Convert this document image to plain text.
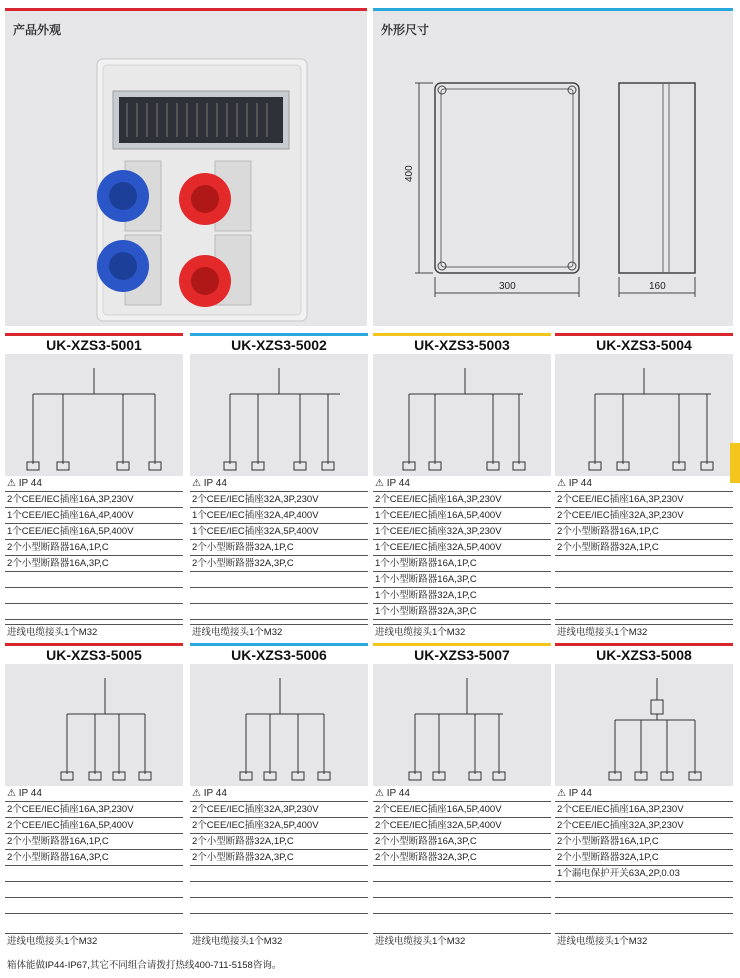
产品外观	外形尺寸
400
300	160
UK-XZS3-5001
⚠ IP 44
2个CEE/IEC插座16A,3P,230V
1个CEE/IEC插座16A,4P,400V
1个CEE/IEC插座16A,5P,400V
2个小型断路器16A,1P,C
2个小型断路器16A,3P,C
进线电缆接头1个M32
UK-XZS3-5002
⚠ IP 44
2个CEE/IEC插座32A,3P,230V
1个CEE/IEC插座32A,4P,400V
1个CEE/IEC插座32A,5P,400V
2个小型断路器32A,1P,C
2个小型断路器32A,3P,C
进线电缆接头1个M32
UK-XZS3-5003
⚠ IP 44
2个CEE/IEC插座16A,3P,230V
1个CEE/IEC插座16A,5P,400V
1个CEE/IEC插座32A,3P,230V
1个CEE/IEC插座32A,5P,400V
1个小型断路器16A,1P,C
1个小型断路器16A,3P,C
1个小型断路器32A,1P,C
1个小型断路器32A,3P,C
进线电缆接头1个M32
UK-XZS3-5004
⚠ IP 44
2个CEE/IEC插座16A,3P,230V
2个CEE/IEC插座32A,3P,230V
2个小型断路器16A,1P,C
2个小型断路器32A,1P,C
进线电缆接头1个M32
UK-XZS3-5005
⚠ IP 44
2个CEE/IEC插座16A,3P,230V
2个CEE/IEC插座16A,5P,400V
2个小型断路器16A,1P,C
2个小型断路器16A,3P,C
进线电缆接头1个M32
UK-XZS3-5006
⚠ IP 44
2个CEE/IEC插座32A,3P,230V
2个CEE/IEC插座32A,5P,400V
2个小型断路器32A,1P,C
2个小型断路器32A,3P,C
进线电缆接头1个M32
UK-XZS3-5007
⚠ IP 44
2个CEE/IEC插座16A,5P,400V
2个CEE/IEC插座32A,5P,400V
2个小型断路器16A,3P,C
2个小型断路器32A,3P,C
进线电缆接头1个M32
UK-XZS3-5008
⚠ IP 44
2个CEE/IEC插座16A,3P,230V
2个CEE/IEC插座32A,3P,230V
2个小型断路器16A,1P,C
2个小型断路器32A,1P,C
1个漏电保护开关63A,2P,0.03
进线电缆接头1个M32
箱体能做IP44-IP67,其它不同组合请拨打热线400-711-5158咨询。
